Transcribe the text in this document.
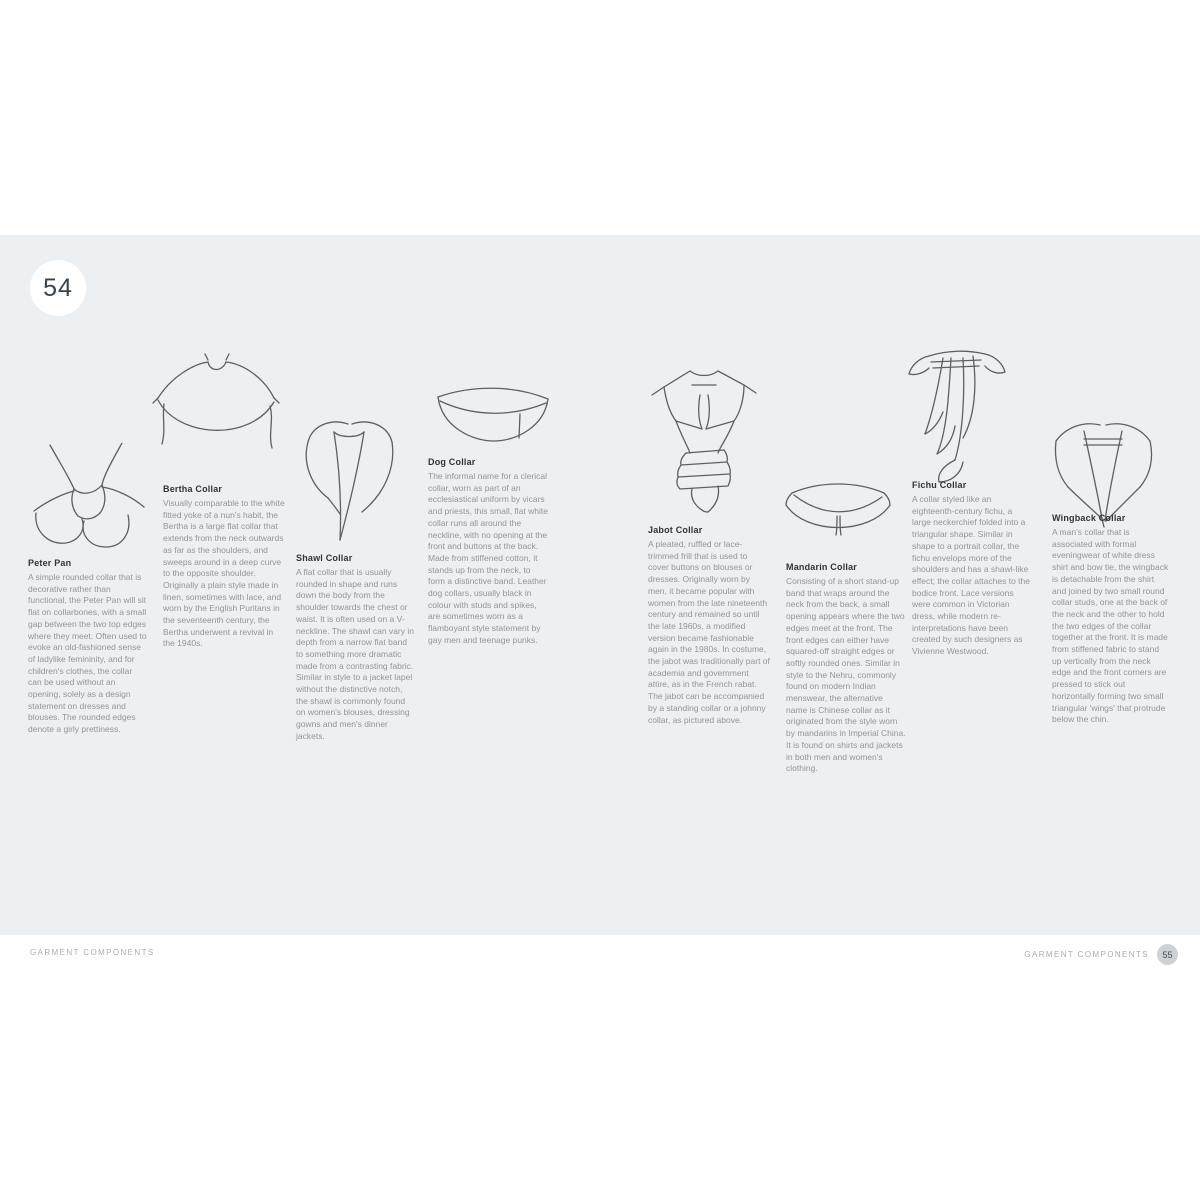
54
Peter Pan

A simple rounded collar that is decorative rather than functional, the Peter Pan will sit flat on collarbones, with a small gap between the two top edges where they meet. Often used to evoke an old-fashioned sense of ladylike femininity, and for children's clothes, the collar can be used without an opening, solely as a design statement on dresses and blouses. The rounded edges denote a girly prettiness.

Bertha Collar

Visually comparable to the white fitted yoke of a nun's habit, the Bertha is a large flat collar that extends from the neck outwards as far as the shoulders, and sweeps around in a deep curve to the opposite shoulder. Originally a plain style made in linen, sometimes with lace, and worn by the English Puritans in the seventeenth century, the Bertha underwent a revival in the 1940s.

Shawl Collar

A flat collar that is usually rounded in shape and runs down the body from the shoulder towards the chest or waist. It is often used on a V-neckline. The shawl can vary in depth from a narrow flat band to something more dramatic made from a contrasting fabric. Similar in style to a jacket lapel without the distinctive notch, the shawl is commonly found on women's blouses, dressing gowns and men's dinner jackets.

Dog Collar

The informal name for a clerical collar, worn as part of an ecclesiastical uniform by vicars and priests, this small, flat white collar runs all around the neckline, with no opening at the front and buttons at the back. Made from stiffened cotton, it stands up from the neck, to form a distinctive band. Leather dog collars, usually black in colour with studs and spikes, are sometimes worn as a flamboyant style statement by gay men and teenage punks.

Jabot Collar

A pleated, ruffled or lace-trimmed frill that is used to cover buttons on blouses or dresses. Originally worn by men, it became popular with women from the late nineteenth century and remained so until the late 1960s, a modified version became fashionable again in the 1980s. In costume, the jabot was traditionally part of academia and government attire, as in the French rabat. The jabot can be accompanied by a standing collar or a johnny collar, as pictured above.

Mandarin Collar

Consisting of a short stand-up band that wraps around the neck from the back, a small opening appears where the two edges meet at the front. The front edges can either have squared-off straight edges or softly rounded ones. Similar in style to the Nehru, commonly found on modern Indian menswear, the alternative name is Chinese collar as it originated from the style worn by mandarins in Imperial China. It is found on shirts and jackets in both men and women's clothing.

Fichu Collar

A collar styled like an eighteenth-century fichu, a large neckerchief folded into a triangular shape. Similar in shape to a portrait collar, the fichu envelops more of the shoulders and has a shawl-like effect; the collar attaches to the bodice front. Lace versions were common in Victorian dress, while modern re-interpretations have been created by such designers as Vivienne Westwood.

Wingback Collar

A man's collar that is associated with formal eveningwear of white dress shirt and bow tie, the wingback is detachable from the shirt and joined by two small round collar studs, one at the back of the neck and the other to hold the two edges of the collar together at the front. It is made from stiffened fabric to stand up vertically from the neck edge and the front corners are pressed to stick out horizontally forming two small triangular 'wings' that protrude below the chin.

GARMENT COMPONENTS	GARMENT COMPONENTS 55
